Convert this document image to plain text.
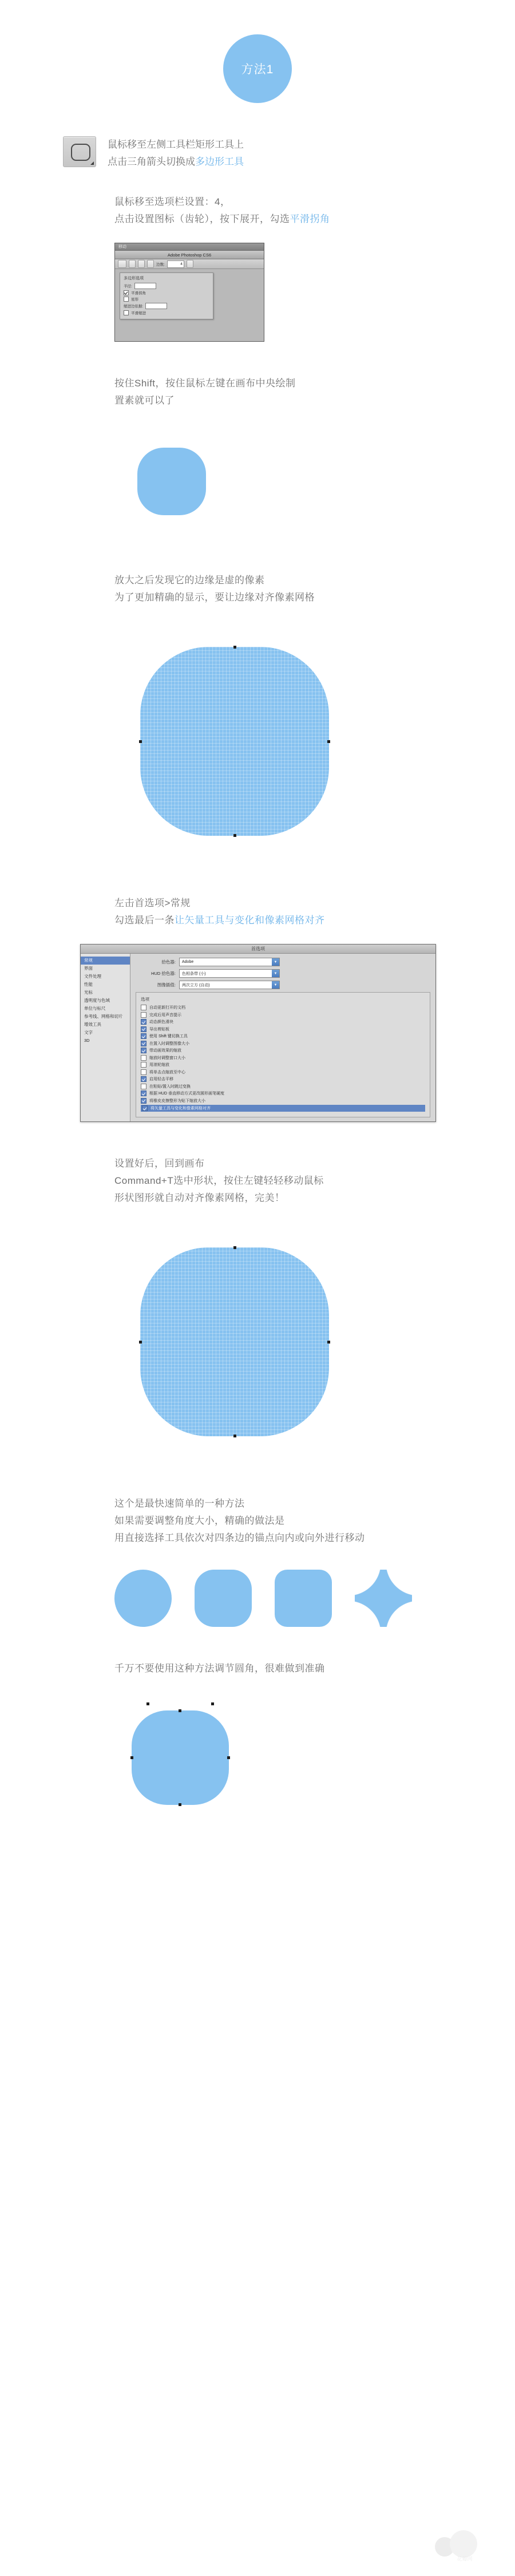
方法1
鼠标移至左侧工具栏矩形工具上
点击三角箭头切换成多边形工具
鼠标移至选项栏设置：4，
点击设置图标（齿轮），按下展开，勾选平滑拐角
移动
Adobe Photoshop CS6
边数:	4
多边形选项
半径:
平滑拐角
星形
缩进边依据:
平滑缩进
按住Shift，按住鼠标左键在画布中央绘制
置素就可以了
放大之后发现它的边缘是虚的像素
为了更加精确的显示，要让边缘对齐像素网格
左击首选项>常规
勾选最后一条让矢量工具与变化和像素网格对齐
首选项
常规
界面
文件处理
性能
光标
透明度与色域
单位与标尺
参考线、网格和切片
增效工具
文字
3D
拾色器: Adobe	▼
HUD 拾色器: 色相条带 (小)	▼
图像插值: 两次立方 (自动)	▼
选项
自动更新打开的文档
完成后用声音提示
动态颜色滑块
导出剪贴板
使用 Shift 键切换工具
在置入时调整图像大小
带动画效果的缩放
缩放时调整窗口大小
用滚轮缩放
将单击点缩放至中心
启用轻击平移
在粘贴/置入时跳过变换
根据 HUD 垂直移动方式更改圆形画笔硬度
将橡皮皮擦整形为贴下缩放大小
将矢量工具与变化和像素网格对齐
设置好后，回到画布
Command+T选中形状，按住左键轻轻移动鼠标
形状图形就自动对齐像素网格，完美！
这个是最快速简单的一种方法
如果需要调整角度大小，精确的做法是
用直接选择工具依次对四条边的锚点向内或向外进行移动
千万不要使用这种方法调节圆角，很难做到准确
花瓣网
